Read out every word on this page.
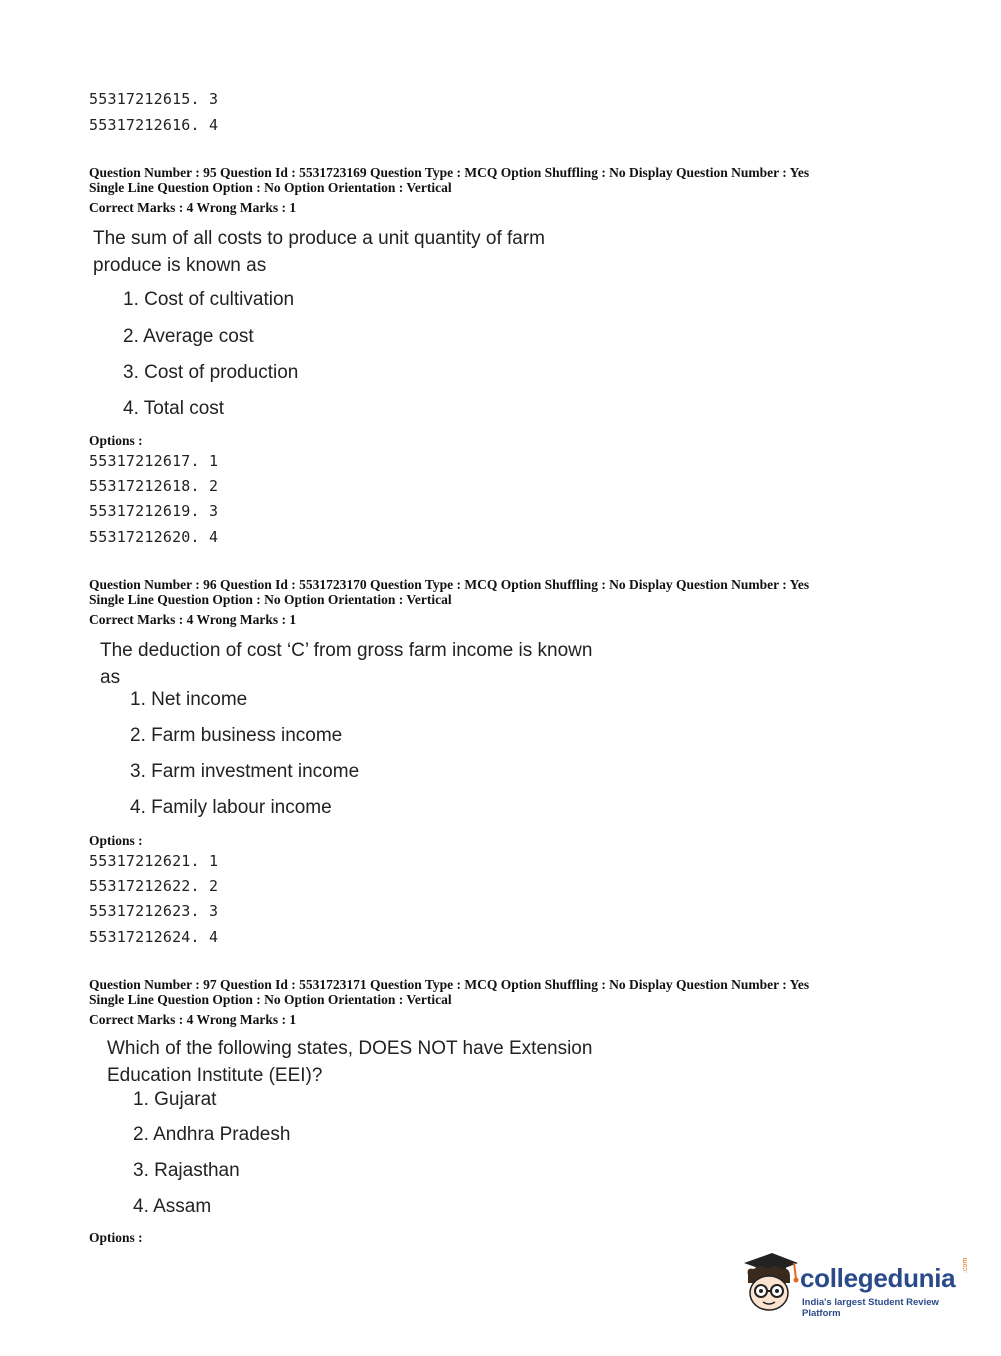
55317212615. 3
55317212616. 4
Question Number : 95 Question Id : 5531723169 Question Type : MCQ Option Shuffling : No Display Question Number : Yes
Single Line Question Option : No Option Orientation : Vertical
Correct Marks : 4 Wrong Marks : 1
The sum of all costs to produce a unit quantity of farm
produce is known as
1. Cost of cultivation
2. Average cost
3. Cost of production
4. Total cost
Options :
55317212617. 1
55317212618. 2
55317212619. 3
55317212620. 4
Question Number : 96 Question Id : 5531723170 Question Type : MCQ Option Shuffling : No Display Question Number : Yes
Single Line Question Option : No Option Orientation : Vertical
Correct Marks : 4 Wrong Marks : 1
The deduction of cost ‘C’ from gross farm income is known
as
1. Net income
2. Farm business income
3. Farm investment income
4. Family labour income
Options :
55317212621. 1
55317212622. 2
55317212623. 3
55317212624. 4
Question Number : 97 Question Id : 5531723171 Question Type : MCQ Option Shuffling : No Display Question Number : Yes
Single Line Question Option : No Option Orientation : Vertical
Correct Marks : 4 Wrong Marks : 1
Which of the following states, DOES NOT have Extension
Education Institute (EEI)?
1. Gujarat
2. Andhra Pradesh
3. Rajasthan
4. Assam
Options :
collegedunia .com
India's largest Student Review Platform
